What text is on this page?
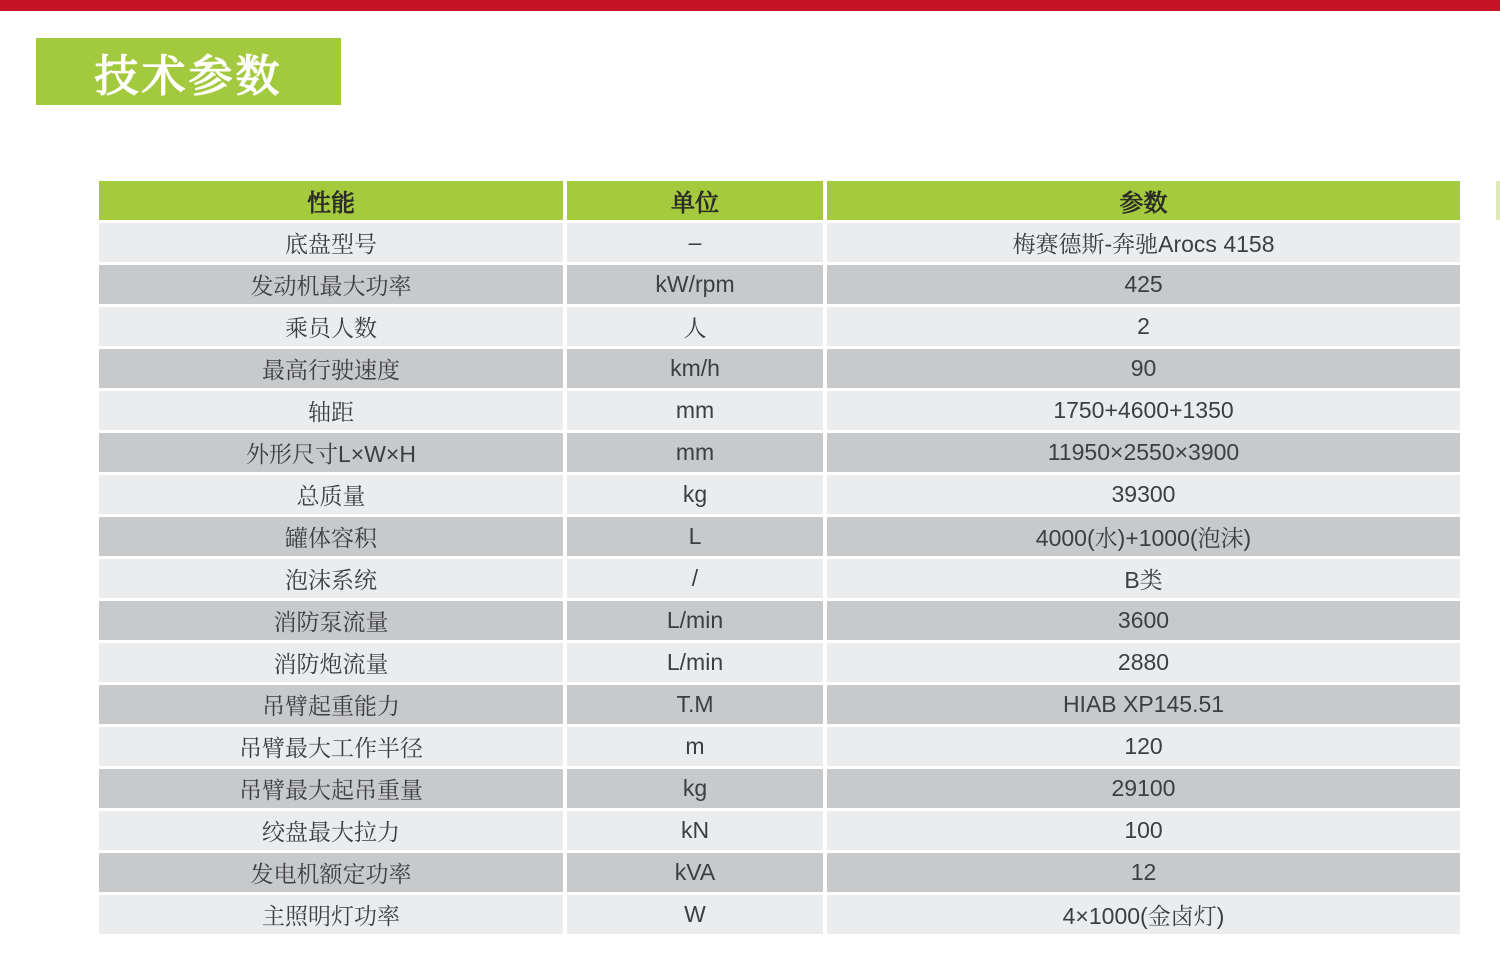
技术参数
性能	单位	参数
底盘型号	–	梅赛德斯-奔驰Arocs 4158
发动机最大功率	kW/rpm	425
乘员人数	人	2
最高行驶速度	km/h	90
轴距	mm	1750+4600+1350
外形尺寸L×W×H	mm	11950×2550×3900
总质量	kg	39300
罐体容积	L	4000(水)+1000(泡沫)
泡沫系统	/	B类
消防泵流量	L/min	3600
消防炮流量	L/min	2880
吊臂起重能力	T.M	HIAB XP145.51
吊臂最大工作半径	m	120
吊臂最大起吊重量	kg	29100
绞盘最大拉力	kN	100
发电机额定功率	kVA	12
主照明灯功率	W	4×1000(金卤灯)
